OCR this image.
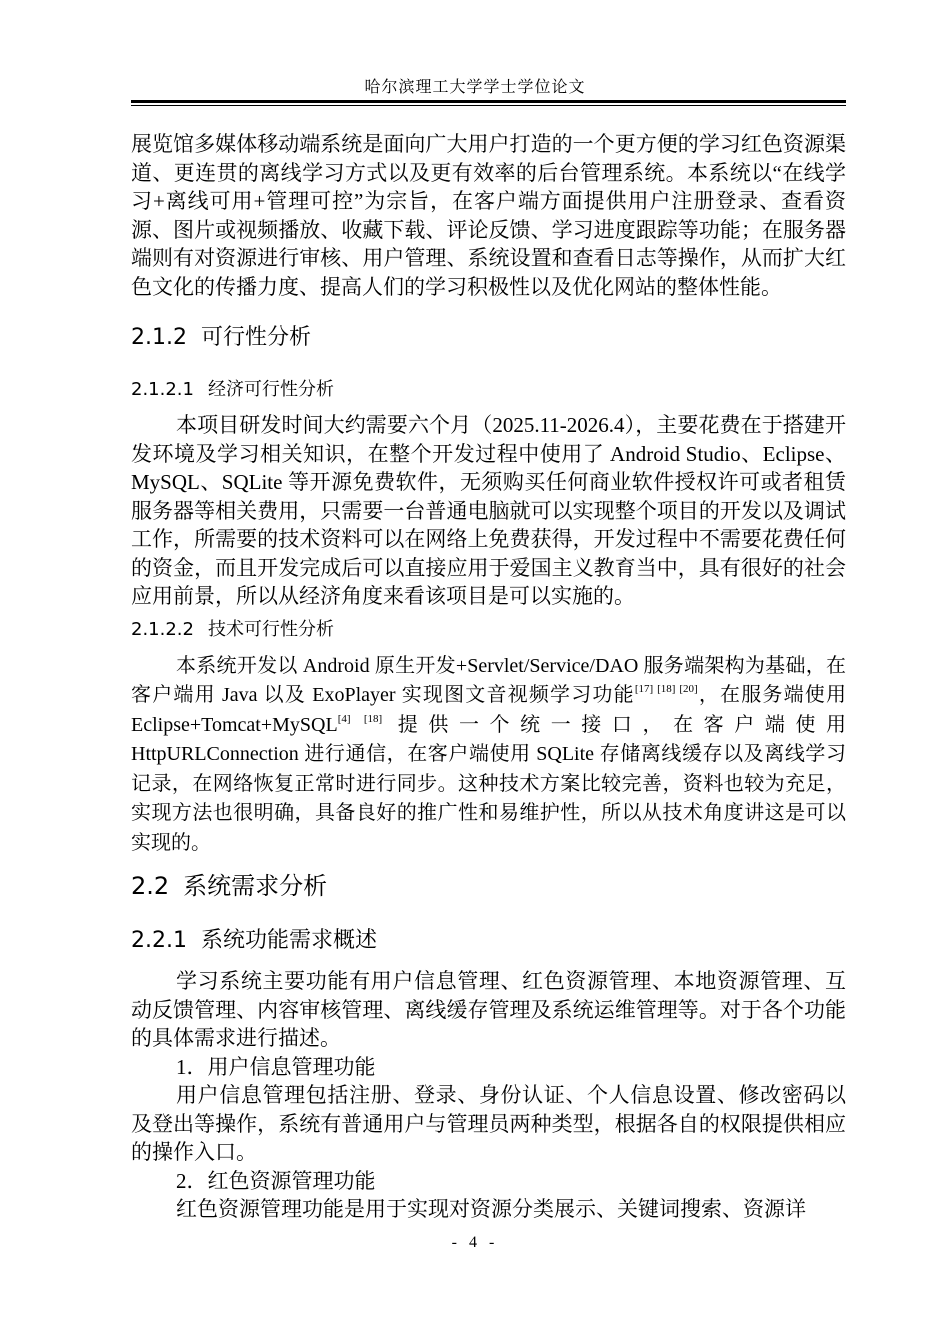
哈尔滨理工大学学士学位论文

展览馆多媒体移动端系统是面向广大用户打造的一个更方便的学习红色资源渠道、更连贯的离线学习方式以及更有效率的后台管理系统。本系统以“在线学习+离线可用+管理可控”为宗旨，在客户端方面提供用户注册登录、查看资源、图片或视频播放、收藏下载、评论反馈、学习进度跟踪等功能；在服务器端则有对资源进行审核、用户管理、系统设置和查看日志等操作，从而扩大红色文化的传播力度、提高人们的学习积极性以及优化网站的整体性能。

2.1.2 可行性分析
2.1.2.1 经济可行性分析

本项目研发时间大约需要六个月（2025.11-2026.4），主要花费在于搭建开发环境及学习相关知识，在整个开发过程中使用了 Android Studio、Eclipse、MySQL、SQLite 等开源免费软件，无须购买任何商业软件授权许可或者租赁服务器等相关费用，只需要一台普通电脑就可以实现整个项目的开发以及调试工作，所需要的技术资料可以在网络上免费获得，开发过程中不需要花费任何的资金，而且开发完成后可以直接应用于爱国主义教育当中，具有很好的社会应用前景，所以从经济角度来看该项目是可以实施的。

2.1.2.2 技术可行性分析

本系统开发以 Android 原生开发+Servlet/Service/DAO 服务端架构为基础，在客户端用 Java 以及 ExoPlayer 实现图文音视频学习功能[17] [18] [20]，在服务端使用 Eclipse+Tomcat+MySQL[4] [18] 提供一个统一接口，在客户端使用 HttpURLConnection 进行通信，在客户端使用 SQLite 存储离线缓存以及离线学习记录，在网络恢复正常时进行同步。这种技术方案比较完善，资料也较为充足，实现方法也很明确，具备良好的推广性和易维护性，所以从技术角度讲这是可以实现的。

2.2 系统需求分析
2.2.1 系统功能需求概述

学习系统主要功能有用户信息管理、红色资源管理、本地资源管理、互动反馈管理、内容审核管理、离线缓存管理及系统运维管理等。对于各个功能的具体需求进行描述。

1．用户信息管理功能

用户信息管理包括注册、登录、身份认证、个人信息设置、修改密码以及登出等操作，系统有普通用户与管理员两种类型，根据各自的权限提供相应的操作入口。

2．红色资源管理功能

红色资源管理功能是用于实现对资源分类展示、关键词搜索、资源详

- 4 -
